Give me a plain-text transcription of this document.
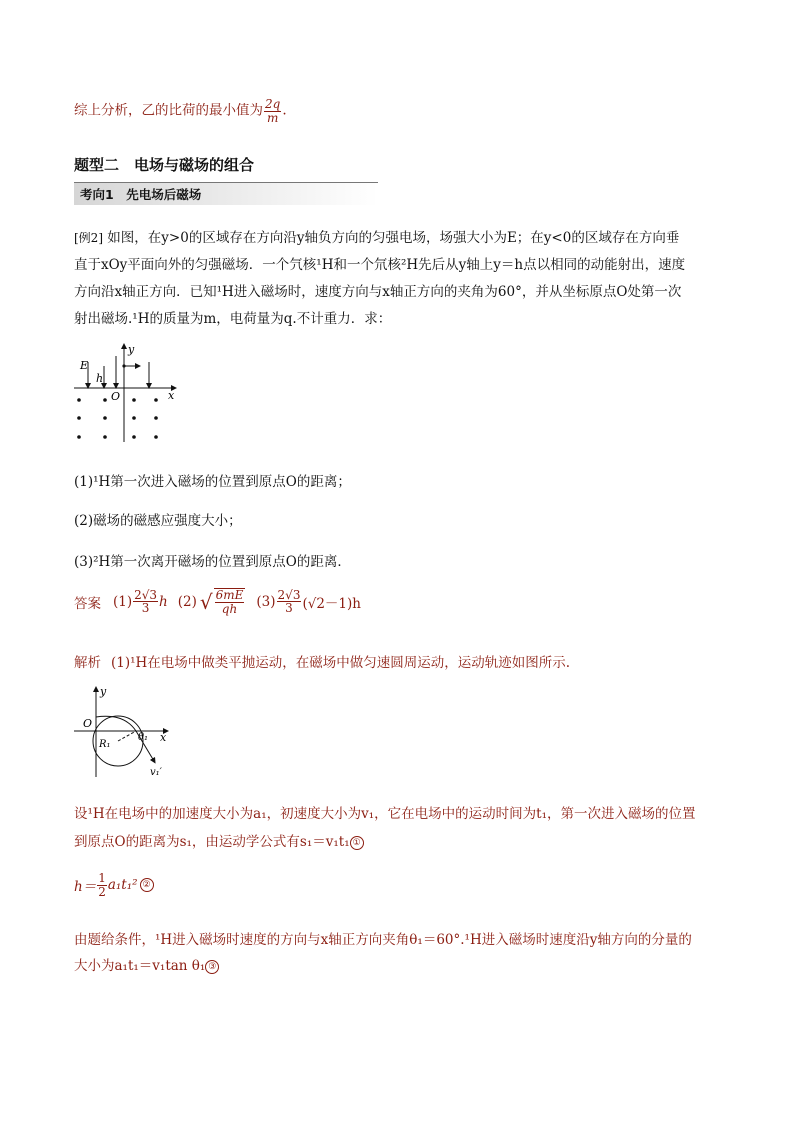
综上分析，乙的比荷的最小值为 $\frac{2q}{m}$ .
题型二　电场与磁场的组合
考向1　先电场后磁场
[例2] 如图，在y>0的区域存在方向沿y轴负方向的匀强电场，场强大小为E；在y<0的区域存在方向垂
直于xOy平面向外的匀强磁场．一个氕核¹H和一个氘核²H先后从y轴上y＝h点以相同的动能射出，速度
方向沿x轴正方向．已知¹H进入磁场时，速度方向与x轴正方向的夹角为60°，并从坐标原点O处第一次
射出磁场.¹H的质量为m，电荷量为q.不计重力．求：
E
h
y
x
O
(1)¹H第一次进入磁场的位置到原点O的距离；
(2)磁场的磁感应强度大小；
(3)²H第一次离开磁场的位置到原点O的距离．
答案 $(1) \frac{2√3}{3}$ h (2) √ $\frac{6mE}{qh} (3) \frac{2√3}{3} (√2-1)h$
解析 (1)¹H在电场中做类平抛运动，在磁场中做匀速圆周运动，运动轨迹如图所示.
y
x
O
R₁
θ₁
v₁′
设¹H在电场中的加速度大小为a₁，初速度大小为v₁，它在电场中的运动时间为t₁，第一次进入磁场的位置
到原点O的距离为s₁，由运动学公式有s₁＝v₁t₁ ①
$h= \frac{1}{2} a_1t_1^2$ ②
由题给条件，¹H进入磁场时速度的方向与x轴正方向夹角θ₁＝60°.¹H进入磁场时速度沿y轴方向的分量的
大小为a₁t₁＝v₁tan θ₁ ③
